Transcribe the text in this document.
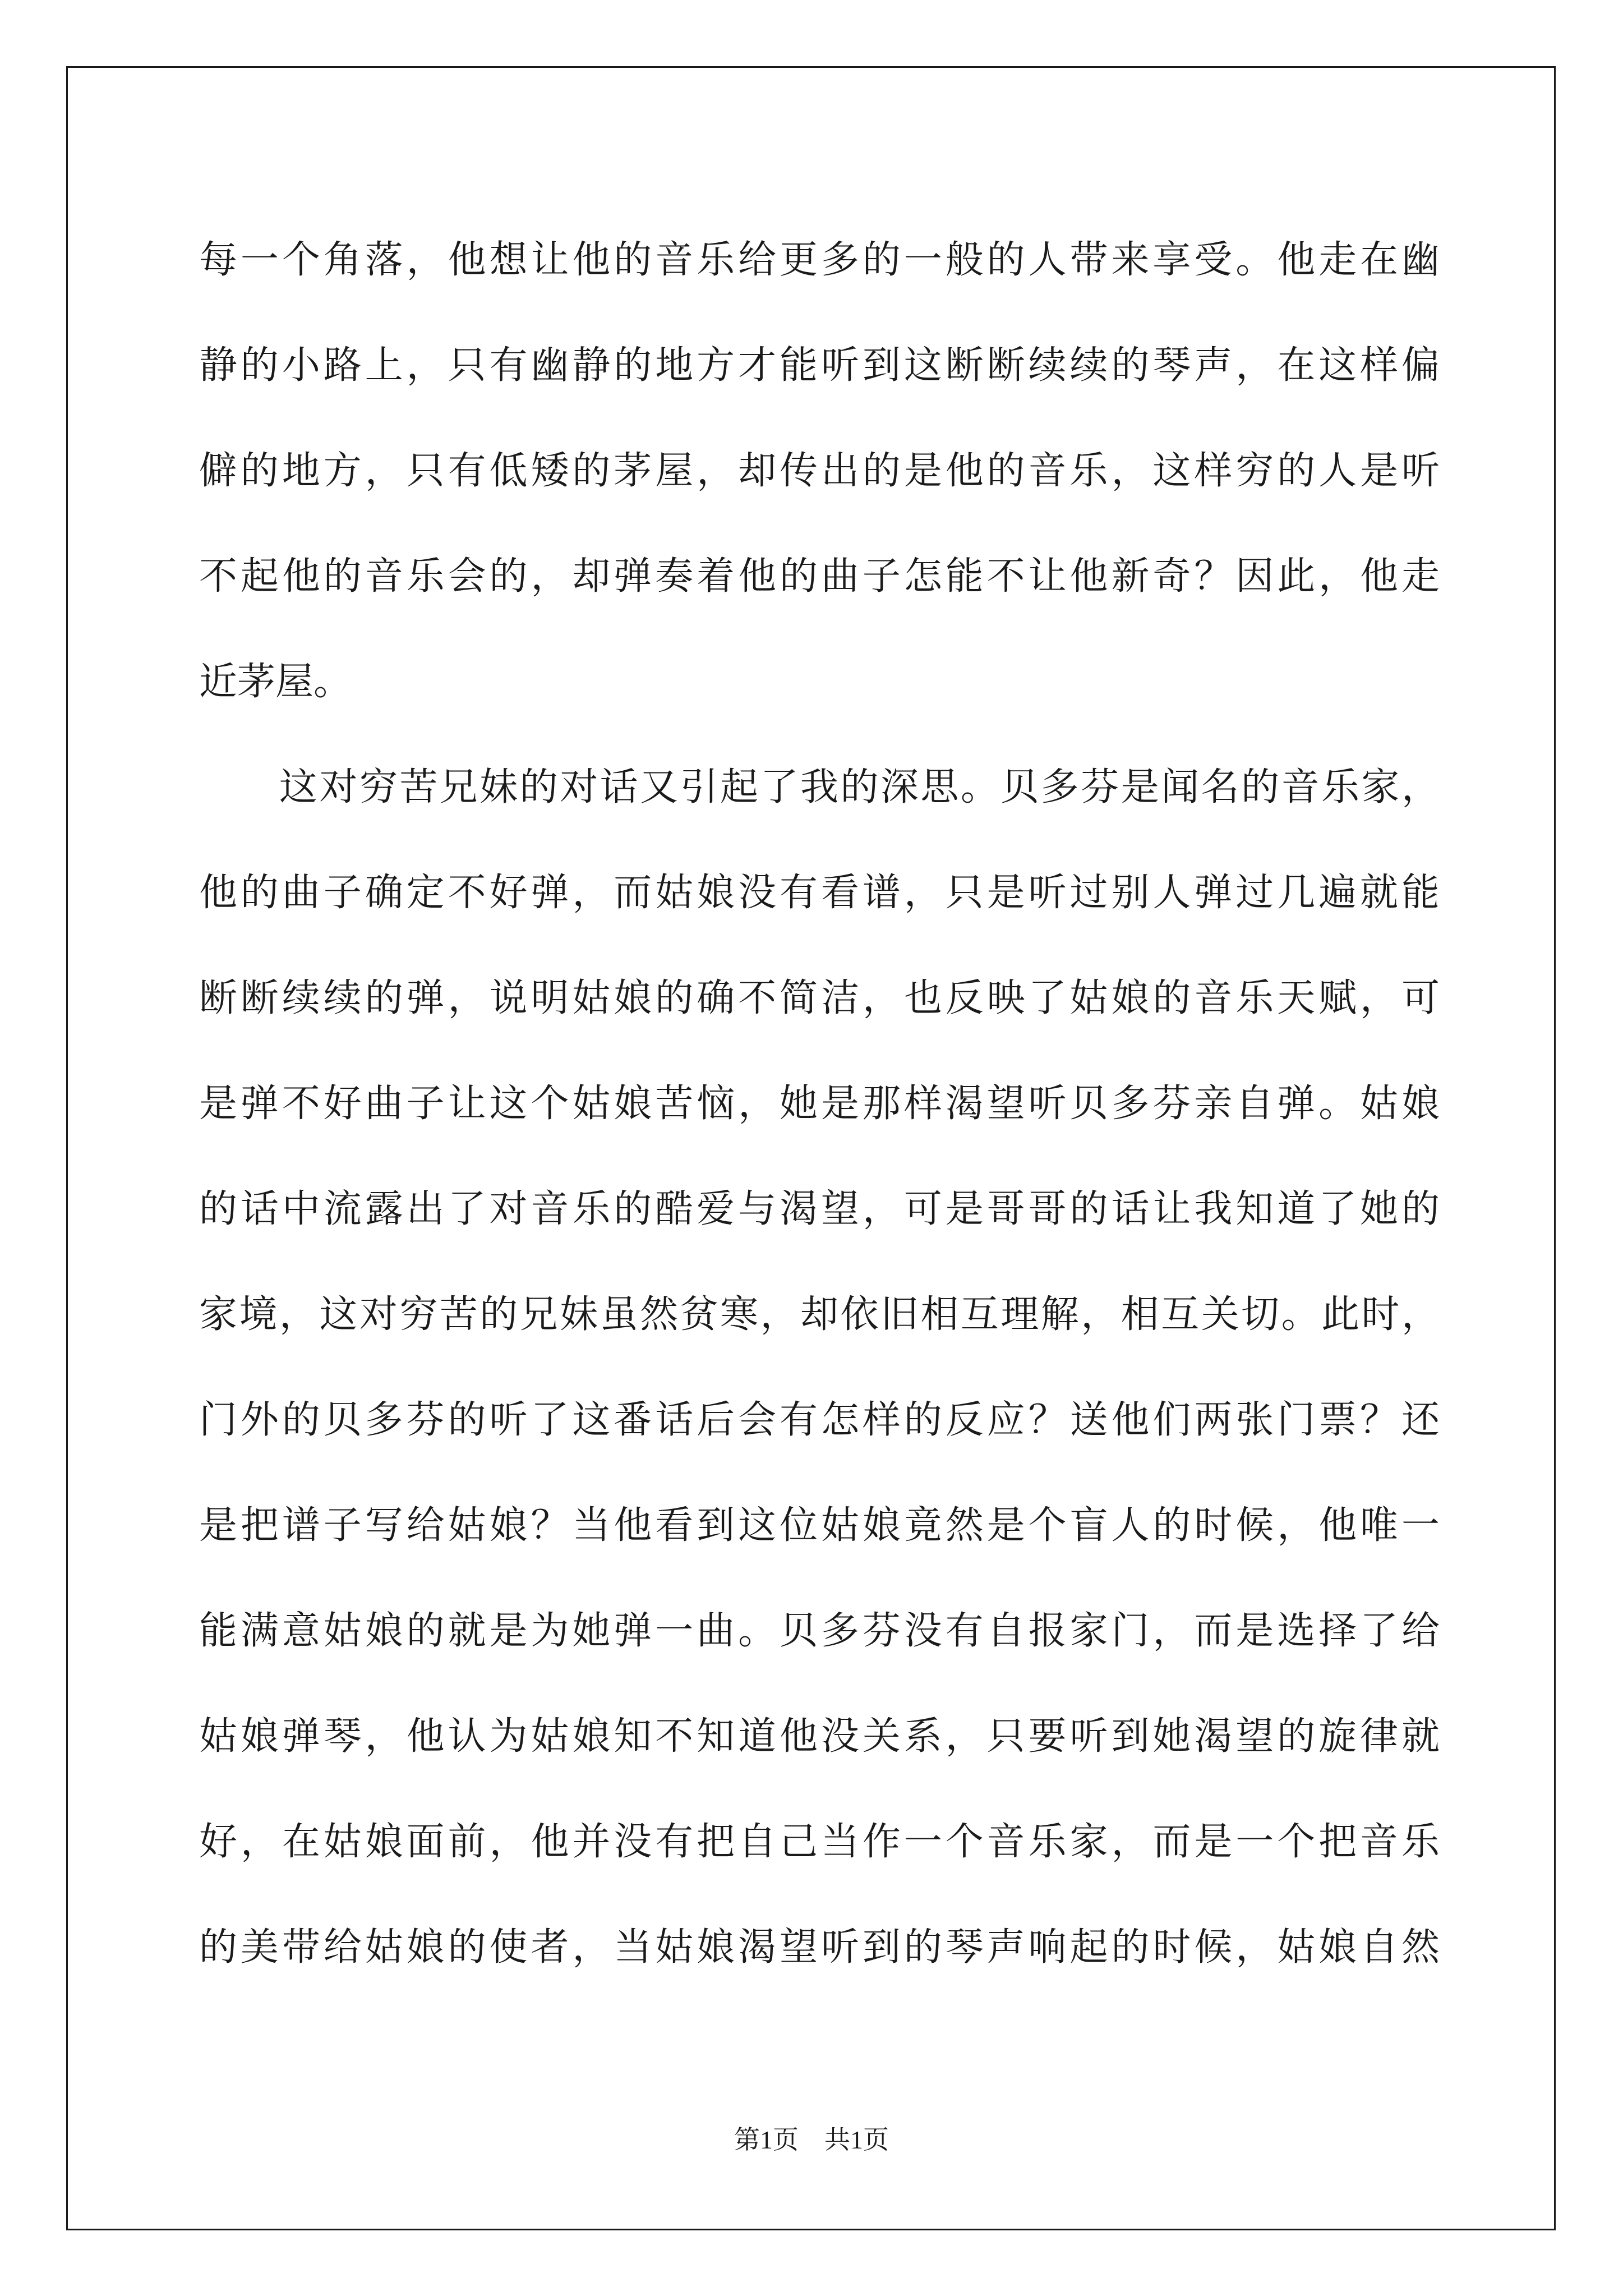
每一个角落，他想让他的音乐给更多的一般的人带来享受。他走在幽
静的小路上，只有幽静的地方才能听到这断断续续的琴声，在这样偏
僻的地方，只有低矮的茅屋，却传出的是他的音乐，这样穷的人是听
不起他的音乐会的，却弹奏着他的曲子怎能不让他新奇？因此，他走
近茅屋。
　　这对穷苦兄妹的对话又引起了我的深思。贝多芬是闻名的音乐家，
他的曲子确定不好弹，而姑娘没有看谱，只是听过别人弹过几遍就能
断断续续的弹，说明姑娘的确不简洁，也反映了姑娘的音乐天赋，可
是弹不好曲子让这个姑娘苦恼，她是那样渴望听贝多芬亲自弹。姑娘
的话中流露出了对音乐的酷爱与渴望，可是哥哥的话让我知道了她的
家境，这对穷苦的兄妹虽然贫寒，却依旧相互理解，相互关切。此时，
门外的贝多芬的听了这番话后会有怎样的反应？送他们两张门票？还
是把谱子写给姑娘？当他看到这位姑娘竟然是个盲人的时候，他唯一
能满意姑娘的就是为她弹一曲。贝多芬没有自报家门，而是选择了给
姑娘弹琴，他认为姑娘知不知道他没关系，只要听到她渴望的旋律就
好，在姑娘面前，他并没有把自己当作一个音乐家，而是一个把音乐
的美带给姑娘的使者，当姑娘渴望听到的琴声响起的时候，姑娘自然
第1页 共1页
